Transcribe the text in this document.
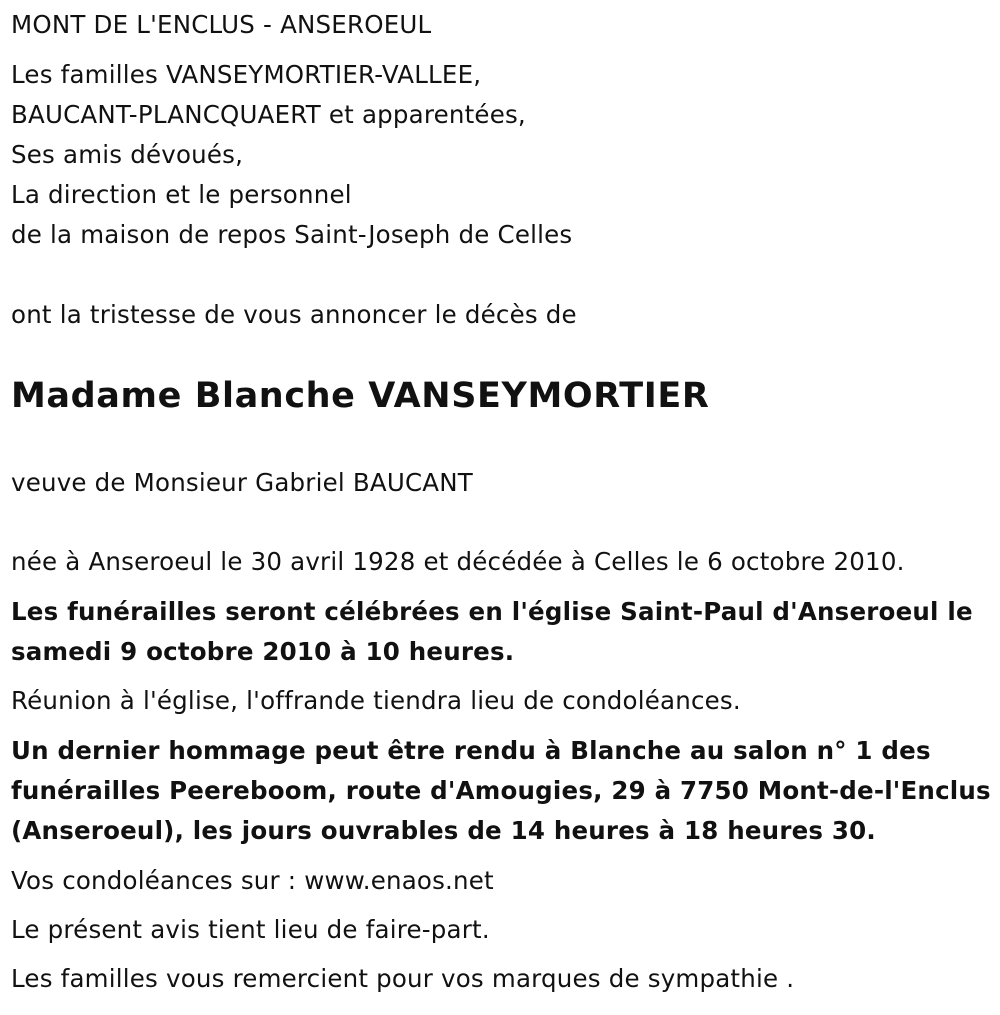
MONT DE L'ENCLUS - ANSEROEUL

Les familles VANSEYMORTIER-VALLEE,

BAUCANT-PLANCQUAERT et apparentées,

Ses amis dévoués,

La direction et le personnel

de la maison de repos Saint-Joseph de Celles

ont la tristesse de vous annoncer le décès de

Madame Blanche VANSEYMORTIER

veuve de Monsieur Gabriel BAUCANT

née à Anseroeul le 30 avril 1928 et décédée à Celles le 6 octobre 2010.

Les funérailles seront célébrées en l'église Saint-Paul d'Anseroeul le

samedi 9 octobre 2010 à 10 heures.

Réunion à l'église, l'offrande tiendra lieu de condoléances.

Un dernier hommage peut être rendu à Blanche au salon n° 1 des

funérailles Peereboom, route d'Amougies, 29 à 7750 Mont-de-l'Enclus

(Anseroeul), les jours ouvrables de 14 heures à 18 heures 30.

Vos condoléances sur : www.enaos.net

Le présent avis tient lieu de faire-part.

Les familles vous remercient pour vos marques de sympathie .
